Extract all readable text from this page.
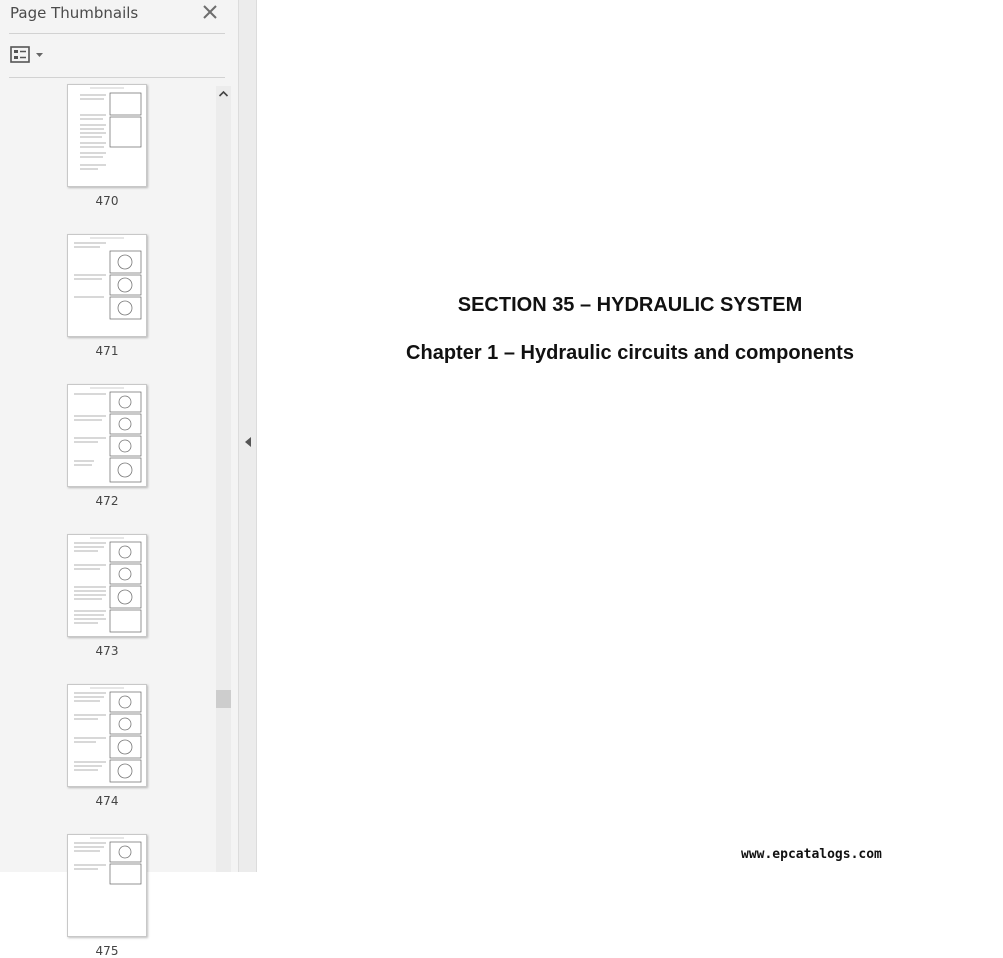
Page Thumbnails
470
471
472
473
474
475
SECTION 35 – HYDRAULIC SYSTEM
Chapter 1 – Hydraulic circuits and components
www.epcatalogs.com
